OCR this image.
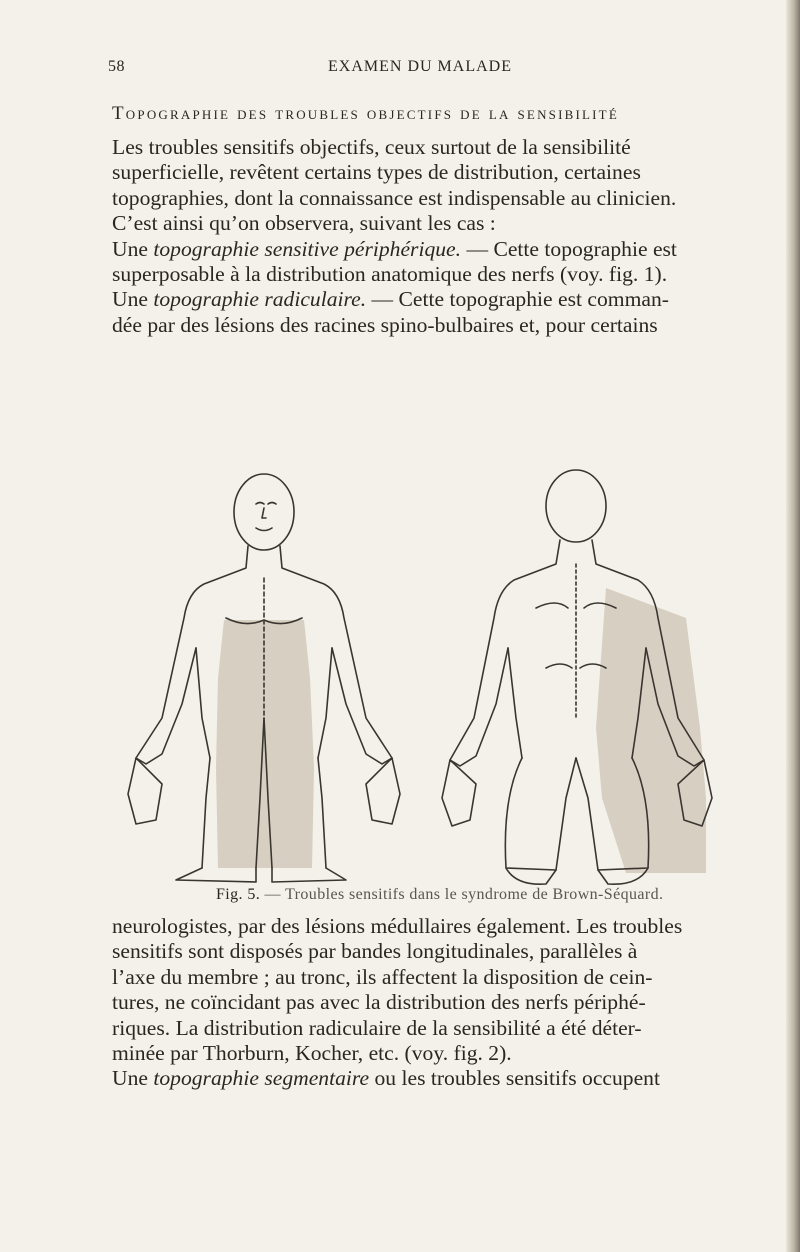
58	EXAMEN DU MALADE
Topographie des troubles objectifs de la sensibilité

Les troubles sensitifs objectifs, ceux surtout de la sensibilité

superficielle, revêtent certains types de distribution, certaines

topographies, dont la connaissance est indispensable au clinicien.

C’est ainsi qu’on observera, suivant les cas :

Une topographie sensitive périphérique. — Cette topographie est

superposable à la distribution anatomique des nerfs (voy. fig. 1).

Une topographie radiculaire. — Cette topographie est comman-

dée par des lésions des racines spino-bulbaires et, pour certains

Fig. 5. — Troubles sensitifs dans le syndrome de Brown-Séquard.

neurologistes, par des lésions médullaires également. Les troubles

sensitifs sont disposés par bandes longitudinales, parallèles à

l’axe du membre ; au tronc, ils affectent la disposition de cein-

tures, ne coïncidant pas avec la distribution des nerfs périphé-

riques. La distribution radiculaire de la sensibilité a été déter-

minée par Thorburn, Kocher, etc. (voy. fig. 2).

Une topographie segmentaire ou les troubles sensitifs occupent
